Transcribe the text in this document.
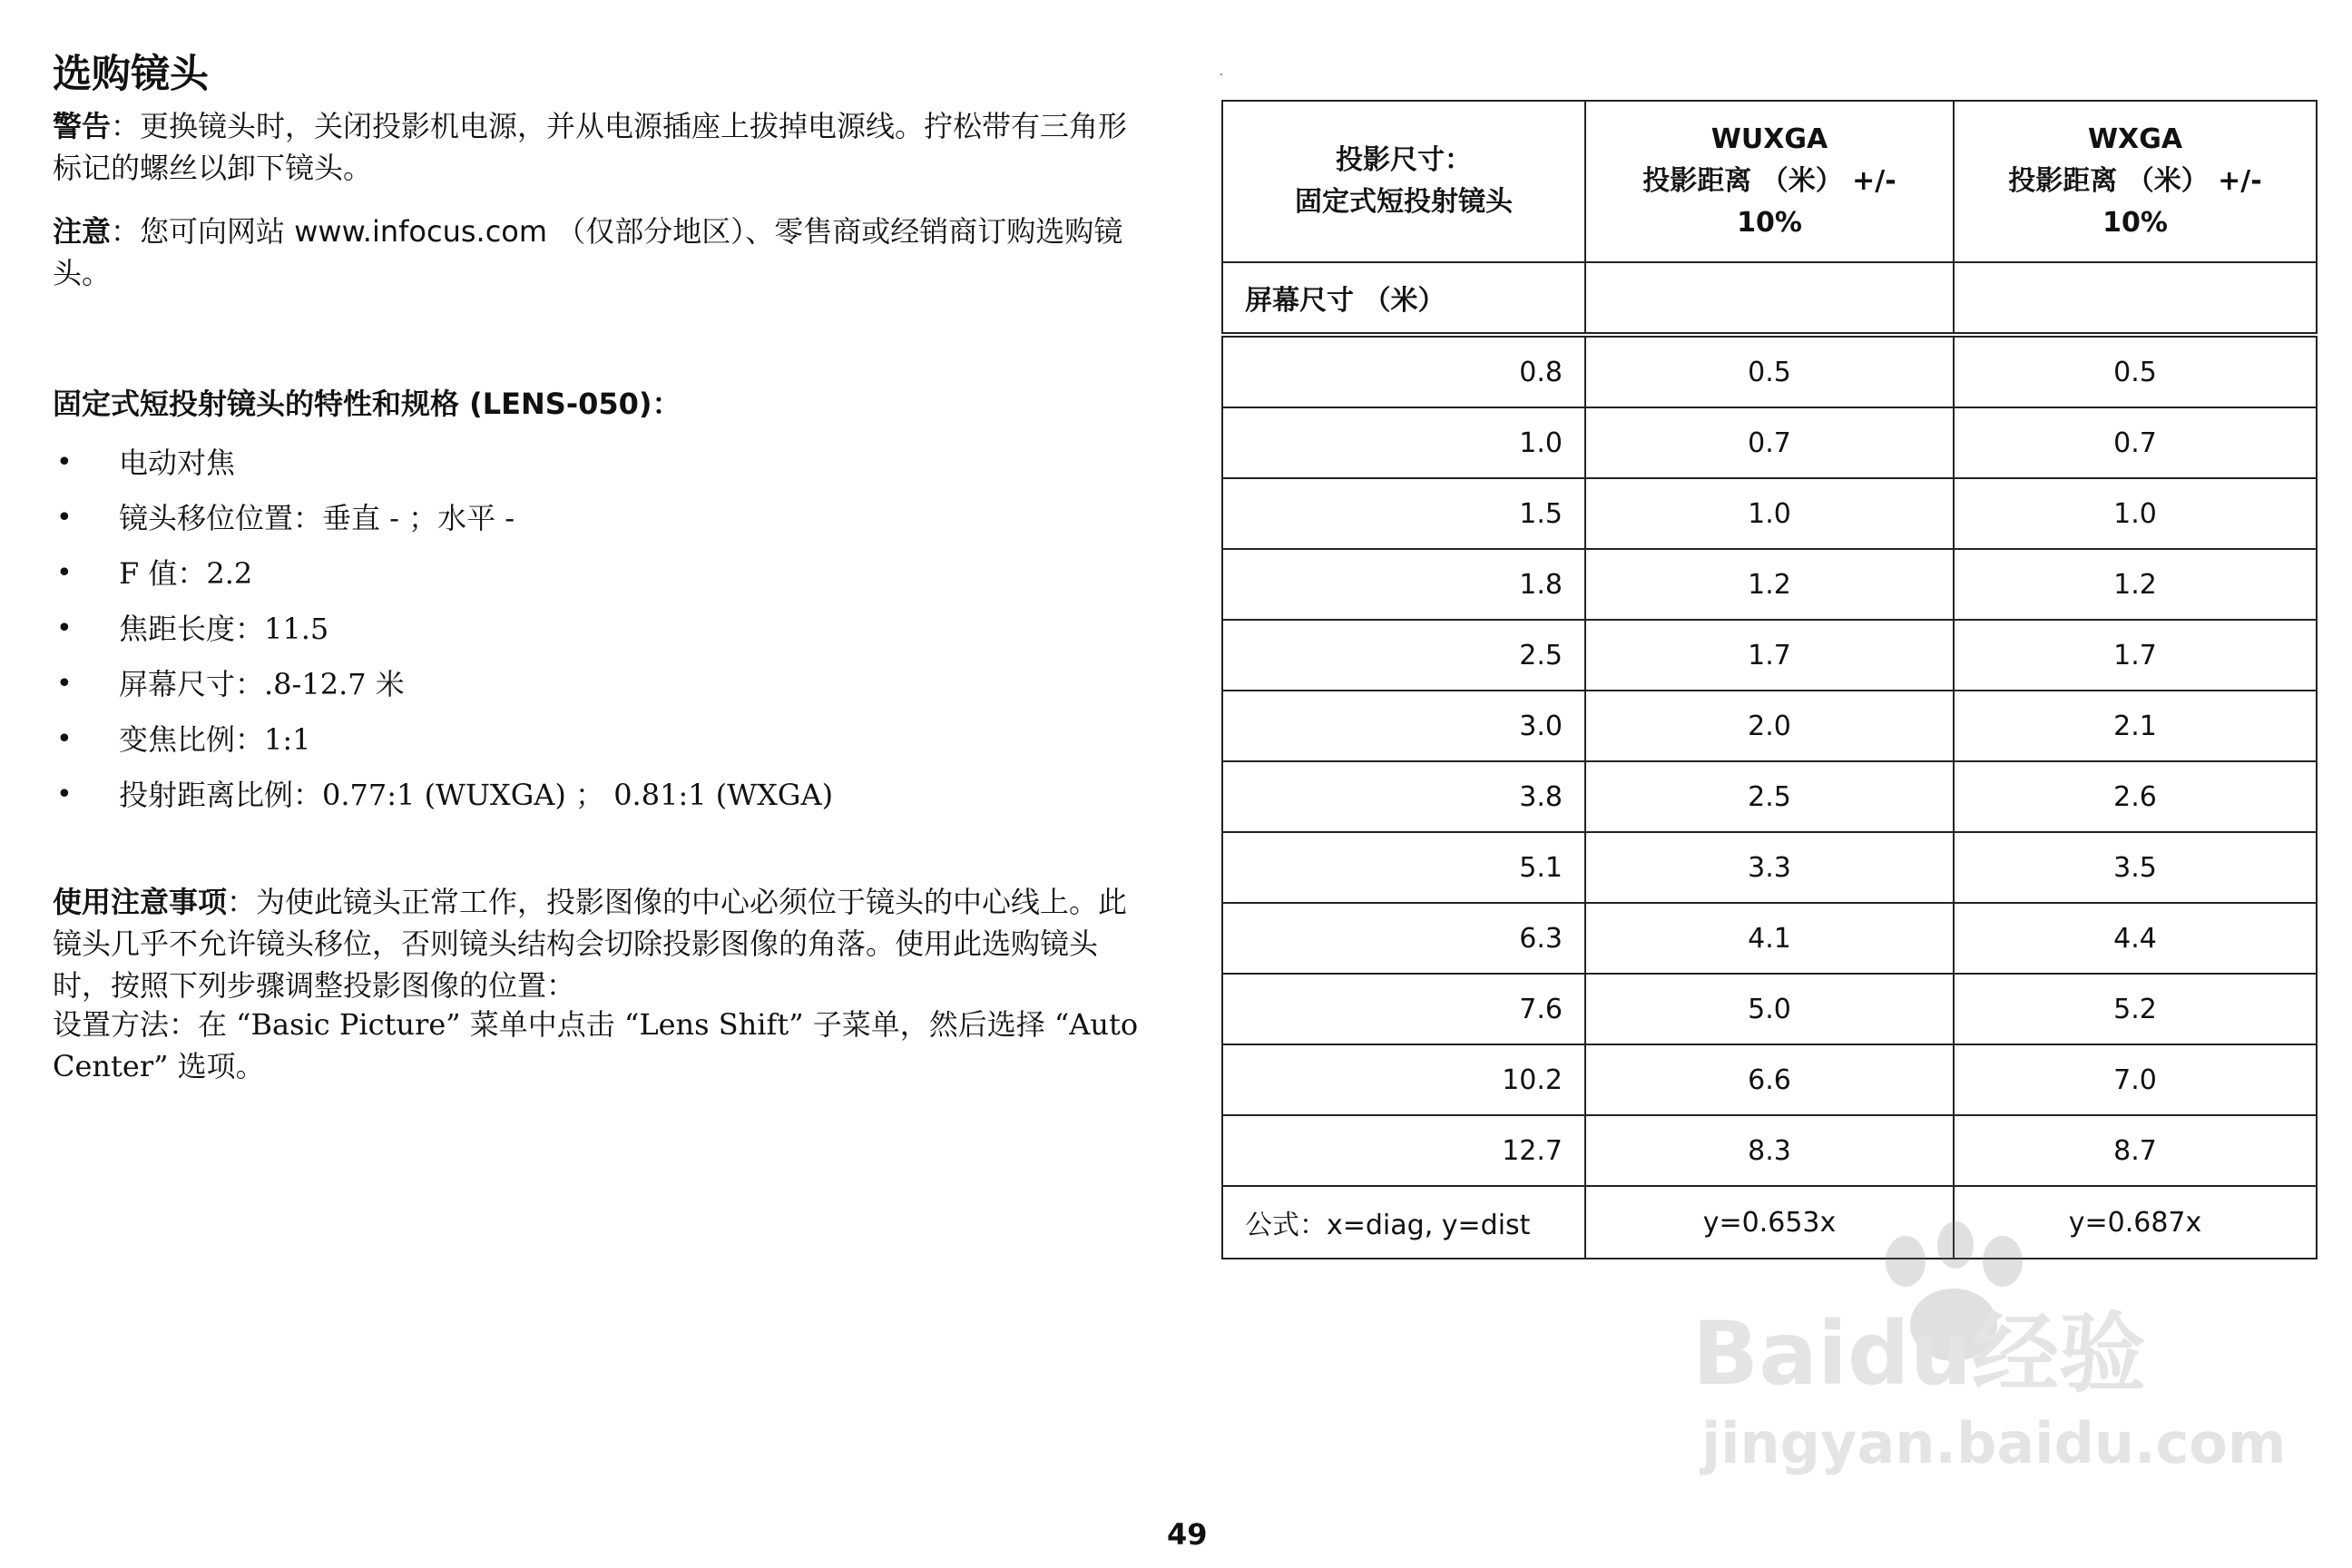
选购镜头

警告：更换镜头时，关闭投影机电源，并从电源插座上拔掉电源线。拧松带有三角形标记的螺丝以卸下镜头。

注意：您可向网站 www.infocus.com （仅部分地区）、零售商或经销商订购选购镜头。

固定式短投射镜头的特性和规格 (LENS-050)：
• 电动对焦
• 镜头移位位置：垂直 - ；水平 -
• F 值：2.2
• 焦距长度：11.5
• 屏幕尺寸：.8-12.7 米
• 变焦比例：1:1
• 投射距离比例：0.77:1 (WUXGA) ； 0.81:1 (WXGA)

使用注意事项：为使此镜头正常工作，投影图像的中心必须位于镜头的中心线上。此镜头几乎不允许镜头移位，否则镜头结构会切除投影图像的角落。使用此选购镜头时，按照下列步骤调整投影图像的位置：

设置方法：在 “Basic Picture” 菜单中点击 “Lens Shift” 子菜单，然后选择 “Auto Center” 选项。

.
投影尺寸：
固定式短投射镜头	WUXGA
投影距离 （米） +/-
10%	WXGA
投影距离 （米） +/-
10%
屏幕尺寸 （米）		
0.8	0.5	0.5
1.0	0.7	0.7
1.5	1.0	1.0
1.8	1.2	1.2
2.5	1.7	1.7
3.0	2.0	2.1
3.8	2.5	2.6
5.1	3.3	3.5
6.3	4.1	4.4
7.6	5.0	5.2
10.2	6.6	7.0
12.7	8.3	8.7
公式：x=diag, y=dist	y=0.653x	y=0.687x
49
Baidu经验
jingyan.baidu.com
